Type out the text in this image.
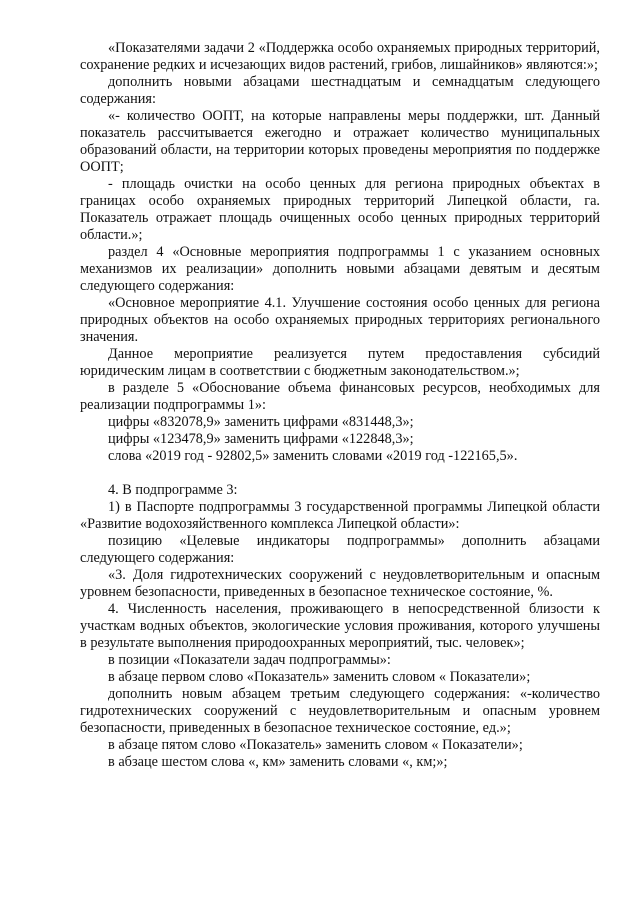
«Показателями задачи 2 «Поддержка особо охраняемых природных территорий, сохранение редких и исчезающих видов растений, грибов, лишайников» являются:»;

дополнить новыми абзацами шестнадцатым и семнадцатым следующего содержания:

«- количество ООПТ, на которые направлены меры поддержки, шт. Данный показатель рассчитывается ежегодно и отражает количество муниципальных образований области, на территории которых проведены мероприятия по поддержке ООПТ;

- площадь очистки на особо ценных для региона природных объектах в границах особо охраняемых природных территорий Липецкой области, га. Показатель отражает площадь очищенных особо ценных природных территорий области.»;

раздел 4 «Основные мероприятия подпрограммы 1 с указанием основных механизмов их реализации» дополнить новыми абзацами девятым и десятым следующего содержания:

«Основное мероприятие 4.1. Улучшение состояния особо ценных для региона природных объектов на особо охраняемых природных территориях регионального значения.

Данное мероприятие реализуется путем предоставления субсидий юридическим лицам в соответствии с бюджетным законодательством.»;

в разделе 5 «Обоснование объема финансовых ресурсов, необходимых для реализации подпрограммы 1»:

цифры «832078,9» заменить цифрами «831448,3»;

цифры «123478,9» заменить цифрами «122848,3»;

слова «2019 год - 92802,5» заменить словами «2019 год -122165,5».

4. В подпрограмме 3:

1) в Паспорте подпрограммы 3 государственной программы Липецкой области «Развитие водохозяйственного комплекса Липецкой области»:

позицию «Целевые индикаторы подпрограммы» дополнить абзацами следующего содержания:

«3. Доля гидротехнических сооружений с неудовлетворительным и опасным уровнем безопасности, приведенных в безопасное техническое состояние, %.

4. Численность населения, проживающего в непосредственной близости к участкам водных объектов, экологические условия проживания, которого улучшены в результате выполнения природоохранных мероприятий, тыс. человек»;

в позиции «Показатели задач подпрограммы»:

в абзаце первом слово «Показатель» заменить словом « Показатели»;

дополнить новым абзацем третьим следующего содержания: «-количество гидротехнических сооружений с неудовлетворительным и опасным уровнем безопасности, приведенных в безопасное техническое состояние, ед.»;

в абзаце пятом слово «Показатель» заменить словом « Показатели»;

в абзаце шестом слова «, км» заменить словами «, км;»;
